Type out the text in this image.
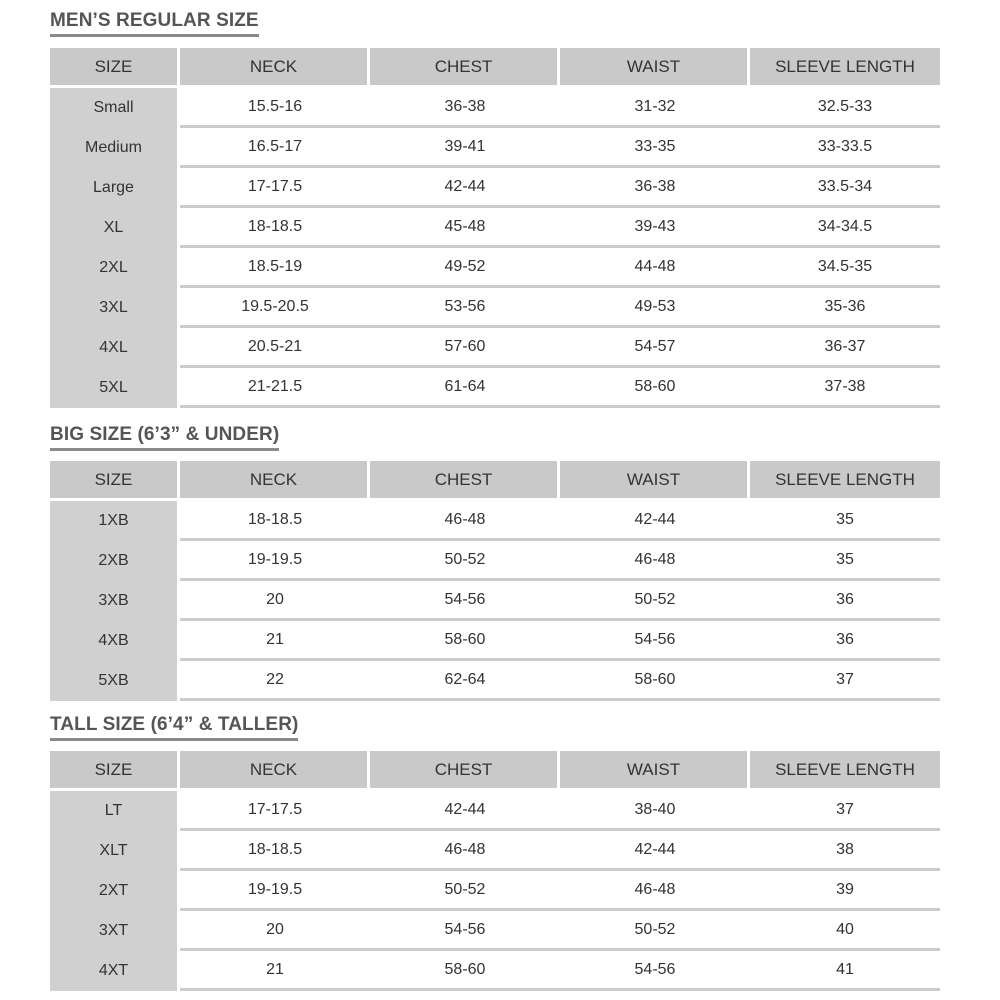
MEN’S REGULAR SIZE
SIZE	NECK	CHEST	WAIST	SLEEVE LENGTH
Small	15.5-16	36-38	31-32	32.5-33
Medium	16.5-17	39-41	33-35	33-33.5
Large	17-17.5	42-44	36-38	33.5-34
XL	18-18.5	45-48	39-43	34-34.5
2XL	18.5-19	49-52	44-48	34.5-35
3XL	19.5-20.5	53-56	49-53	35-36
4XL	20.5-21	57-60	54-57	36-37
5XL	21-21.5	61-64	58-60	37-38
BIG SIZE (6’3” & UNDER)
SIZE	NECK	CHEST	WAIST	SLEEVE LENGTH
1XB	18-18.5	46-48	42-44	35
2XB	19-19.5	50-52	46-48	35
3XB	20	54-56	50-52	36
4XB	21	58-60	54-56	36
5XB	22	62-64	58-60	37
TALL SIZE (6’4” & TALLER)
SIZE	NECK	CHEST	WAIST	SLEEVE LENGTH
LT	17-17.5	42-44	38-40	37
XLT	18-18.5	46-48	42-44	38
2XT	19-19.5	50-52	46-48	39
3XT	20	54-56	50-52	40
4XT	21	58-60	54-56	41
